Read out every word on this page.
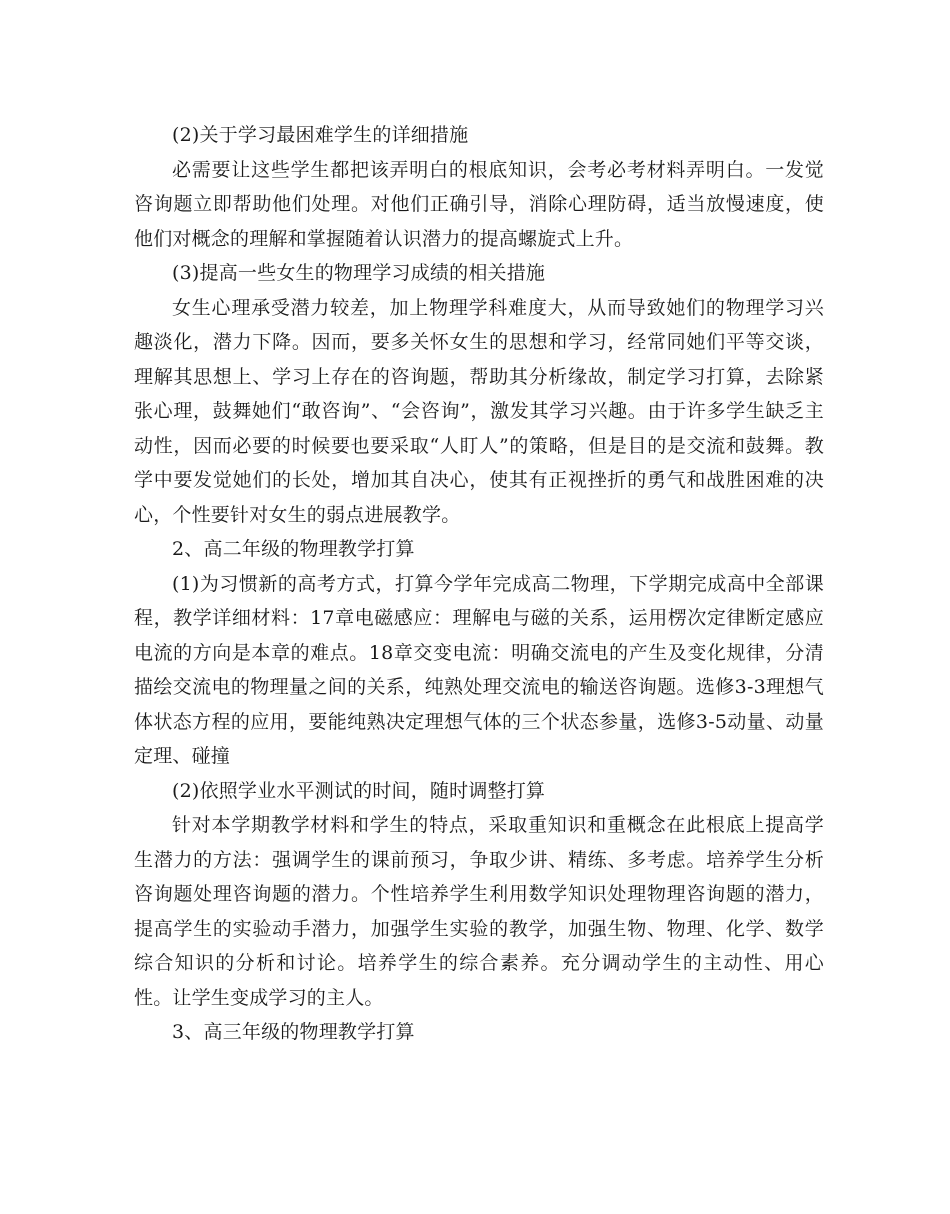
(2)关于学习最困难学生的详细措施

必需要让这些学生都把该弄明白的根底知识，会考必考材料弄明白。一发觉咨询题立即帮助他们处理。对他们正确引导，消除心理防碍，适当放慢速度，使他们对概念的理解和掌握随着认识潜力的提高螺旋式上升。

(3)提高一些女生的物理学习成绩的相关措施

女生心理承受潜力较差，加上物理学科难度大，从而导致她们的物理学习兴趣淡化，潜力下降。因而，要多关怀女生的思想和学习，经常同她们平等交谈，理解其思想上、学习上存在的咨询题，帮助其分析缘故，制定学习打算，去除紧张心理，鼓舞她们“敢咨询”、“会咨询”，激发其学习兴趣。由于许多学生缺乏主动性，因而必要的时候要也要采取“人盯人”的策略，但是目的是交流和鼓舞。教学中要发觉她们的长处，增加其自决心，使其有正视挫折的勇气和战胜困难的决心，个性要针对女生的弱点进展教学。

2、高二年级的物理教学打算

(1)为习惯新的高考方式，打算今学年完成高二物理，下学期完成高中全部课程，教学详细材料：17章电磁感应：理解电与磁的关系，运用楞次定律断定感应电流的方向是本章的难点。18章交变电流：明确交流电的产生及变化规律，分清描绘交流电的物理量之间的关系，纯熟处理交流电的输送咨询题。选修3-3理想气体状态方程的应用，要能纯熟决定理想气体的三个状态参量，选修3-5动量、动量定理、碰撞

(2)依照学业水平测试的时间，随时调整打算

针对本学期教学材料和学生的特点，采取重知识和重概念在此根底上提高学生潜力的方法：强调学生的课前预习，争取少讲、精练、多考虑。培养学生分析咨询题处理咨询题的潜力。个性培养学生利用数学知识处理物理咨询题的潜力，提高学生的实验动手潜力，加强学生实验的教学，加强生物、物理、化学、数学综合知识的分析和讨论。培养学生的综合素养。充分调动学生的主动性、用心性。让学生变成学习的主人。

3、高三年级的物理教学打算
